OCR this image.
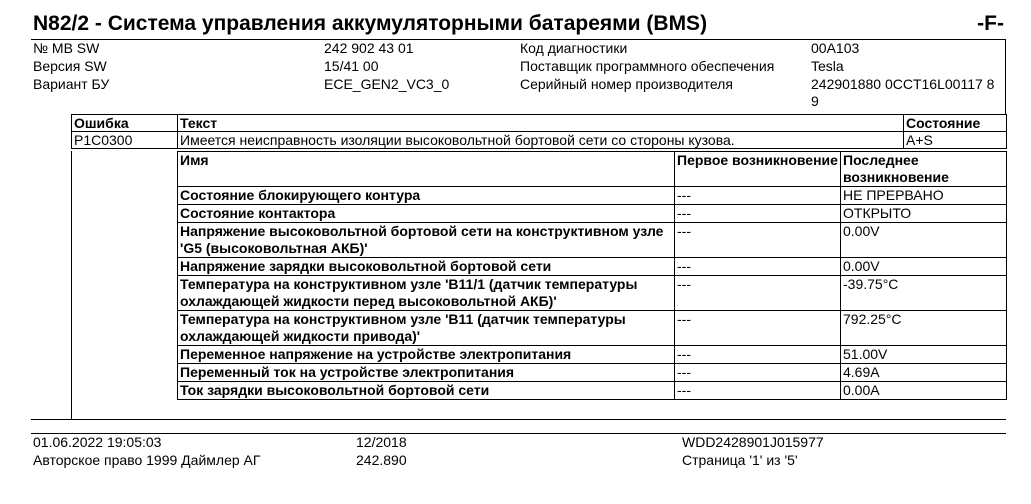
N82/2 - Система управления аккумуляторными батареями (BMS)	-F-
№ MB SW	242 902 43 01	Код диагностики	00A103
Версия SW	15/41 00	Поставщик программного обеспечения	Tesla
Вариант БУ	ECE_GEN2_VC3_0	Серийный номер производителя	242901880 0CCT16L00117 89
Ошибка	Текст	Состояние
P1C0300	Имеется неисправность изоляции высоковольтной бортовой сети со стороны кузова.	A+S
Имя	Первое возникновение	Последнее возникновение
Состояние блокирующего контура	---	НЕ ПРЕРВАНО
Состояние контактора	---	ОТКРЫТО
Напряжение высоковольтной бортовой сети на конструктивном узле 'G5 (высоковольтная АКБ)'	---	0.00V
Напряжение зарядки высоковольтной бортовой сети	---	0.00V
Температура на конструктивном узле 'B11/1 (датчик температуры охлаждающей жидкости перед высоковольтной АКБ)'	---	-39.75°C
Температура на конструктивном узле 'B11 (датчик температуры охлаждающей жидкости привода)'	---	792.25°C
Переменное напряжение на устройстве электропитания	---	51.00V
Переменный ток на устройстве электропитания	---	4.69A
Ток зарядки высоковольтной бортовой сети	---	0.00A
01.06.2022 19:05:03	12/2018	WDD2428901J015977
Авторское право 1999 Даймлер АГ	242.890	Страница '1' из '5'
